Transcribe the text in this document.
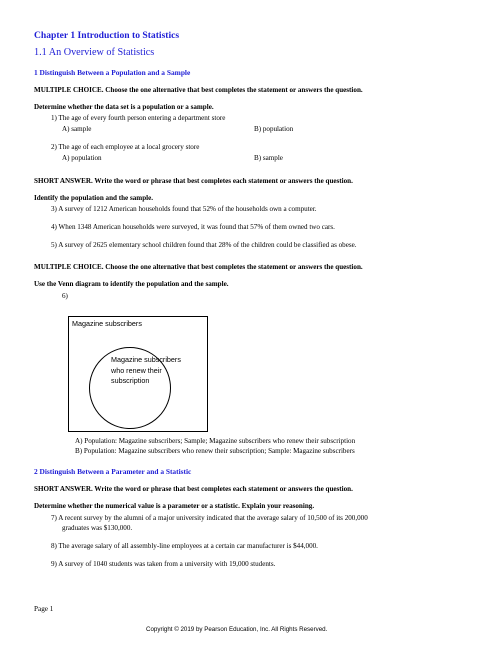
Chapter 1 Introduction to Statistics
1.1 An Overview of Statistics
1 Distinguish Between a Population and a Sample
MULTIPLE CHOICE. Choose the one alternative that best completes the statement or answers the question.
Determine whether the data set is a population or a sample.
1) The age of every fourth person entering a department store
A) sample	B) population
2) The age of each employee at a local grocery store
A) population	B) sample
SHORT ANSWER. Write the word or phrase that best completes each statement or answers the question.
Identify the population and the sample.
3) A survey of 1212 American households found that 52% of the households own a computer.
4) When 1348 American households were surveyed, it was found that 57% of them owned two cars.
5) A survey of 2625 elementary school children found that 28% of the children could be classified as obese.
MULTIPLE CHOICE. Choose the one alternative that best completes the statement or answers the question.
Use the Venn diagram to identify the population and the sample.
6)
Magazine subscribers
Magazine subscribers who renew their subscription
A) Population: Magazine subscribers; Sample; Magazine subscribers who renew their subscription
B) Population: Magazine subscribers who renew their subscription; Sample: Magazine subscribers
2 Distinguish Between a Parameter and a Statistic
SHORT ANSWER. Write the word or phrase that best completes each statement or answers the question.
Determine whether the numerical value is a parameter or a statistic. Explain your reasoning.
7) A recent survey by the alumni of a major university indicated that the average salary of 10,500 of its 200,000
graduates was $130,000.
8) The average salary of all assembly-line employees at a certain car manufacturer is $44,000.
9) A survey of 1040 students was taken from a university with 19,000 students.
Page 1
Copyright © 2019 by Pearson Education, Inc. All Rights Reserved.
